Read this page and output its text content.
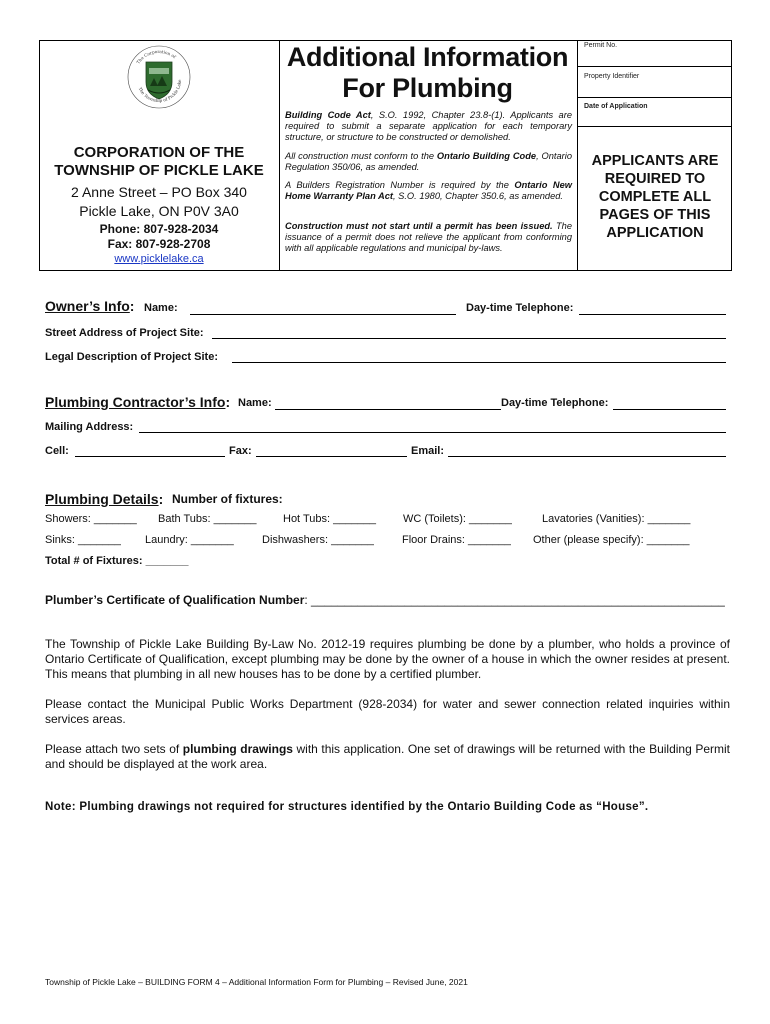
The Corporation of
The Township of Pickle Lake
CORPORATION OF THE
TOWNSHIP OF PICKLE LAKE
2 Anne Street – PO Box 340
Pickle Lake, ON P0V 3A0
Phone: 807-928-2034
Fax: 807-928-2708
www.picklelake.ca
Additional Information
For Plumbing
Building Code Act, S.O. 1992, Chapter 23.8-(1). Applicants are required to submit a separate application for each temporary structure, or structure to be constructed or demolished.
All construction must conform to the Ontario Building Code, Ontario Regulation 350/06, as amended.
A Builders Registration Number is required by the Ontario New Home Warranty Plan Act, S.O. 1980, Chapter 350.6, as amended.
Construction must not start until a permit has been issued. The issuance of a permit does not relieve the applicant from conforming with all applicable regulations and municipal by-laws.
Permit No.
Property Identifier
Date of Application
APPLICANTS ARE
REQUIRED TO
COMPLETE ALL
PAGES OF THIS
APPLICATION
Owner’s Info: Name:	Day-time Telephone:
Street Address of Project Site:
Legal Description of Project Site:
Plumbing Contractor’s Info: Name:	Day-time Telephone:
Mailing Address:
Cell:	Fax:	Email:
Plumbing Details: Number of fixtures:
Showers: _______ Bath Tubs: _______ Hot Tubs: _______ WC (Toilets): _______	Lavatories (Vanities): _______
Sinks: _______ Laundry: _______	Dishwashers: _______	Floor Drains: _______ Other (please specify): _______
Total # of Fixtures: _______
Plumber’s Certificate of Qualification Number: ______________________________________________________________
The Township of Pickle Lake Building By-Law No. 2012-19 requires plumbing be done by a plumber, who holds a province of Ontario Certificate of Qualification, except plumbing may be done by the owner of a house in which the owner resides at present. This means that plumbing in all new houses has to be done by a certified plumber.
Please contact the Municipal Public Works Department (928-2034) for water and sewer connection related inquiries within services areas.
Please attach two sets of plumbing drawings with this application. One set of drawings will be returned with the Building Permit and should be displayed at the work area.
Note: Plumbing drawings not required for structures identified by the Ontario Building Code as “House”.
Township of Pickle Lake – BUILDING FORM 4 – Additional Information Form for Plumbing – Revised June, 2021
